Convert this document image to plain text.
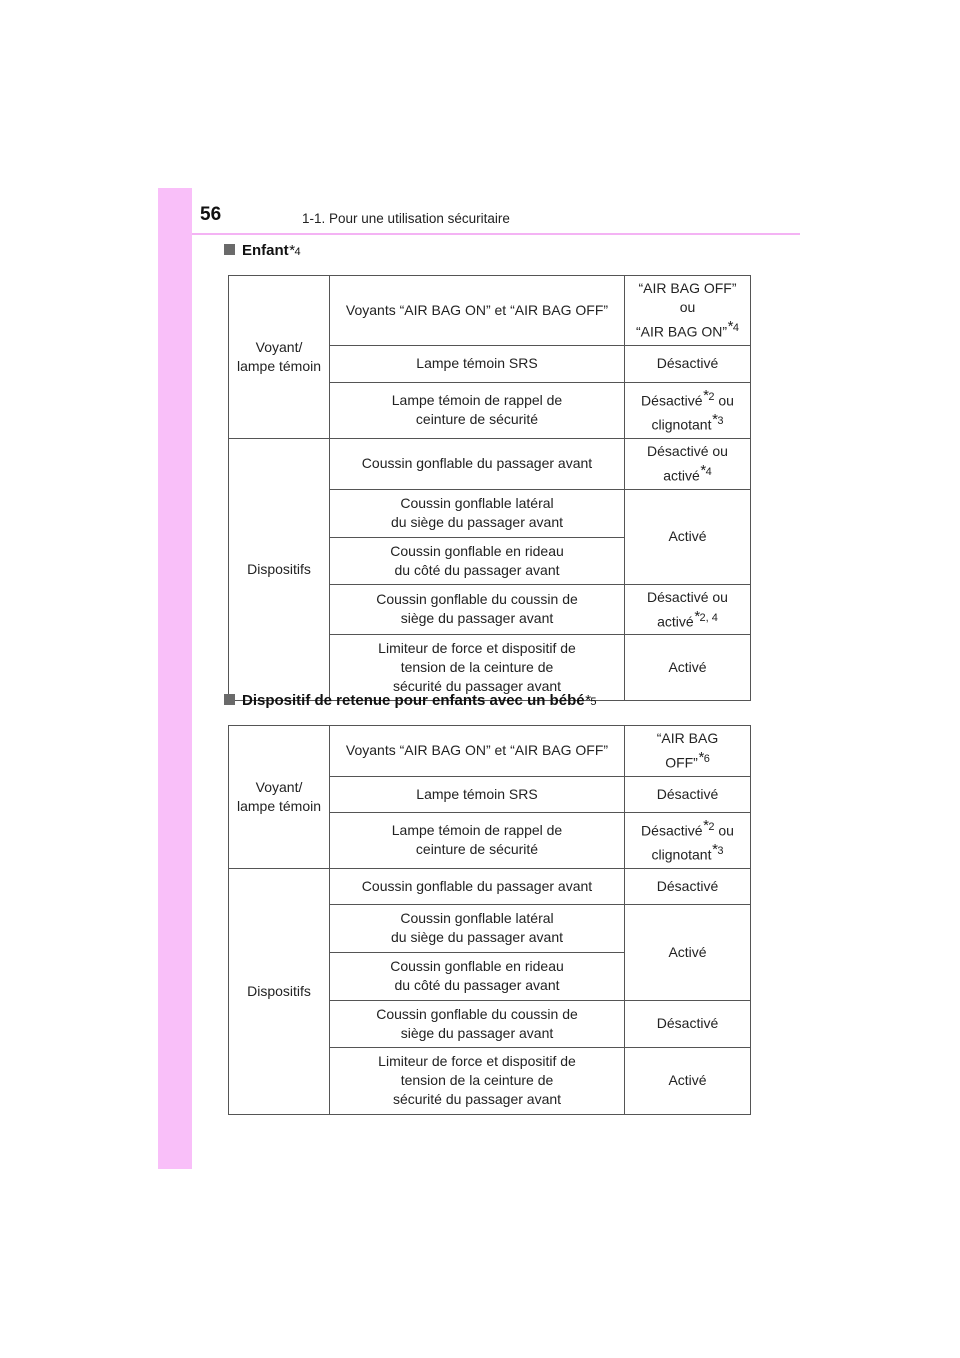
56	1-1. Pour une utilisation sécuritaire
Enfant *4
Voyant/
lampe témoin	Voyants “AIR BAG ON” et “AIR BAG OFF”	“AIR BAG OFF”
ou
“AIR BAG ON”$^{*4}$
	Lampe témoin SRS	Désactivé
	Lampe témoin de rappel de
ceinture de sécurité	Désactivé$^{*2}$ ou
clignotant$^{*3}$
Dispositifs	Coussin gonflable du passager avant	Désactivé ou
activé$^{*4}$
	Coussin gonflable latéral
du siège du passager avant	Activé
	Coussin gonflable en rideau
du côté du passager avant	
	Coussin gonflable du coussin de
siège du passager avant	Désactivé ou
activé$^{*2, 4}$
	Limiteur de force et dispositif de
tension de la ceinture de
sécurité du passager avant	Activé
Dispositif de retenue pour enfants avec un bébé *5
Voyant/
lampe témoin	Voyants “AIR BAG ON” et “AIR BAG OFF”	“AIR BAG
OFF”$^{*6}$
	Lampe témoin SRS	Désactivé
	Lampe témoin de rappel de
ceinture de sécurité	Désactivé$^{*2}$ ou
clignotant$^{*3}$
Dispositifs	Coussin gonflable du passager avant	Désactivé
	Coussin gonflable latéral
du siège du passager avant	Activé
	Coussin gonflable en rideau
du côté du passager avant	
	Coussin gonflable du coussin de
siège du passager avant	Désactivé
	Limiteur de force et dispositif de
tension de la ceinture de
sécurité du passager avant	Activé
